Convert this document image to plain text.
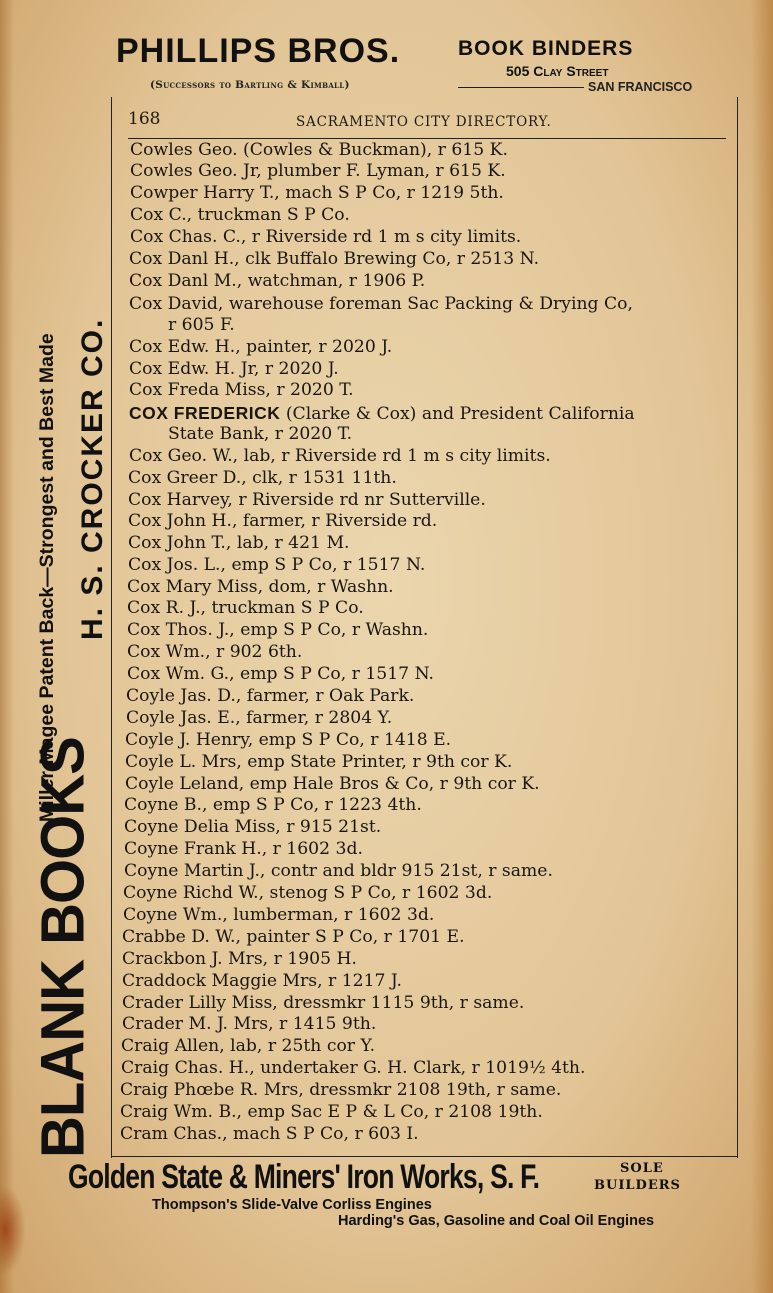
PHILLIPS BROS.
(Successors to Bartling & Kimball)
BOOK BINDERS
505 Clay Street
SAN FRANCISCO
168	SACRAMENTO CITY DIRECTORY.
Miller-Magee Patent Back—Strongest and Best Made H. S. CROCKER CO.
BLANK BOOKS
Cowles Geo. (Cowles & Buckman), r 615 K.
Cowles Geo. Jr, plumber F. Lyman, r 615 K.
Cowper Harry T., mach S P Co, r 1219 5th.
Cox C., truckman S P Co.
Cox Chas. C., r Riverside rd 1 m s city limits.
Cox Danl H., clk Buffalo Brewing Co, r 2513 N.
Cox Danl M., watchman, r 1906 P.
Cox David, warehouse foreman Sac Packing & Drying Co,
r 605 F.
Cox Edw. H., painter, r 2020 J.
Cox Edw. H. Jr, r 2020 J.
Cox Freda Miss, r 2020 T.
COX FREDERICK (Clarke & Cox) and President California
State Bank, r 2020 T.
Cox Geo. W., lab, r Riverside rd 1 m s city limits.
Cox Greer D., clk, r 1531 11th.
Cox Harvey, r Riverside rd nr Sutterville.
Cox John H., farmer, r Riverside rd.
Cox John T., lab, r 421 M.
Cox Jos. L., emp S P Co, r 1517 N.
Cox Mary Miss, dom, r Washn.
Cox R. J., truckman S P Co.
Cox Thos. J., emp S P Co, r Washn.
Cox Wm., r 902 6th.
Cox Wm. G., emp S P Co, r 1517 N.
Coyle Jas. D., farmer, r Oak Park.
Coyle Jas. E., farmer, r 2804 Y.
Coyle J. Henry, emp S P Co, r 1418 E.
Coyle L. Mrs, emp State Printer, r 9th cor K.
Coyle Leland, emp Hale Bros & Co, r 9th cor K.
Coyne B., emp S P Co, r 1223 4th.
Coyne Delia Miss, r 915 21st.
Coyne Frank H., r 1602 3d.
Coyne Martin J., contr and bldr 915 21st, r same.
Coyne Richd W., stenog S P Co, r 1602 3d.
Coyne Wm., lumberman, r 1602 3d.
Crabbe D. W., painter S P Co, r 1701 E.
Crackbon J. Mrs, r 1905 H.
Craddock Maggie Mrs, r 1217 J.
Crader Lilly Miss, dressmkr 1115 9th, r same.
Crader M. J. Mrs, r 1415 9th.
Craig Allen, lab, r 25th cor Y.
Craig Chas. H., undertaker G. H. Clark, r 1019½ 4th.
Craig Phœbe R. Mrs, dressmkr 2108 19th, r same.
Craig Wm. B., emp Sac E P & L Co, r 2108 19th.
Cram Chas., mach S P Co, r 603 I.
Golden State & Miners' Iron Works, S. F.	SOLE
BUILDERS
Thompson's Slide-Valve Corliss Engines
Harding's Gas, Gasoline and Coal Oil Engines
